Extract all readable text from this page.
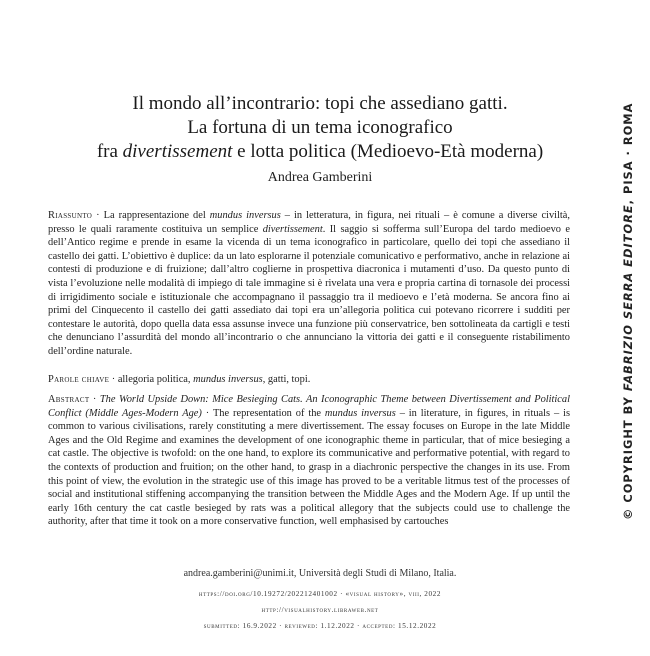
Il mondo all’incontrario: topi che assediano gatti.
La fortuna di un tema iconografico
fra divertissement e lotta politica (Medioevo-Età moderna)
Andrea Gamberini
Riassunto · La rappresentazione del mundus inversus – in letteratura, in figura, nei rituali – è comune a diverse civiltà, presso le quali raramente costituiva un semplice divertissement. Il saggio si sofferma sull’Europa del tardo medioevo e dell’Antico regime e prende in esame la vicenda di un tema iconografico in particolare, quello dei topi che assediano il castello dei gatti. L’obiettivo è duplice: da un lato esplorarne il potenziale comunicativo e performativo, anche in relazione ai contesti di produzione e di fruizione; dall’altro coglierne in prospettiva diacronica i mutamenti d’uso. Da questo punto di vista l’evoluzione nelle modalità di impiego di tale immagine si è rivelata una vera e propria cartina di tornasole dei processi di irrigidimento sociale e istituzionale che accompagnano il passaggio tra il medioevo e l’età moderna. Se ancora fino ai primi del Cinquecento il castello dei gatti assediato dai topi era un’allegoria politica cui potevano ricorrere i sudditi per contestare le autorità, dopo quella data essa assunse invece una funzione più conservatrice, ben sottolineata da cartigli e testi che denunciano l’assurdità del mondo all’incontrario o che annunciano la vittoria dei gatti e il conseguente ristabilimento dell’ordine naturale.
Parole chiave · allegoria politica, mundus inversus, gatti, topi.
Abstract · The World Upside Down: Mice Besieging Cats. An Iconographic Theme between Divertissement and Political Conflict (Middle Ages-Modern Age) · The representation of the mundus inversus – in literature, in figures, in rituals – is common to various civilisations, rarely constituting a mere divertissement. The essay focuses on Europe in the late Middle Ages and the Old Regime and examines the development of one iconographic theme in particular, that of mice besieging a cat castle. The objective is twofold: on the one hand, to explore its communicative and performative potential, with regard to the contexts of production and fruition; on the other hand, to grasp in a diachronic perspective the changes in its use. From this point of view, the evolution in the strategic use of this image has proved to be a veritable litmus test of the processes of social and institutional stiffening accompanying the transition between the Middle Ages and the Modern Age. If up until the early 16th century the cat castle besieged by rats was a political allegory that the subjects could use to challenge the authority, after that time it took on a more conservative function, well emphasised by cartouches
andrea.gamberini@unimi.it, Università degli Studi di Milano, Italia.
https://doi.org/10.19272/202212401002 · «visual history», viii, 2022
http://visualhistory.libraweb.net
submitted: 16.9.2022 · reviewed: 1.12.2022 · accepted: 15.12.2022
© COPYRIGHT BY FABRIZIO SERRA EDITORE, PISA · ROMA
